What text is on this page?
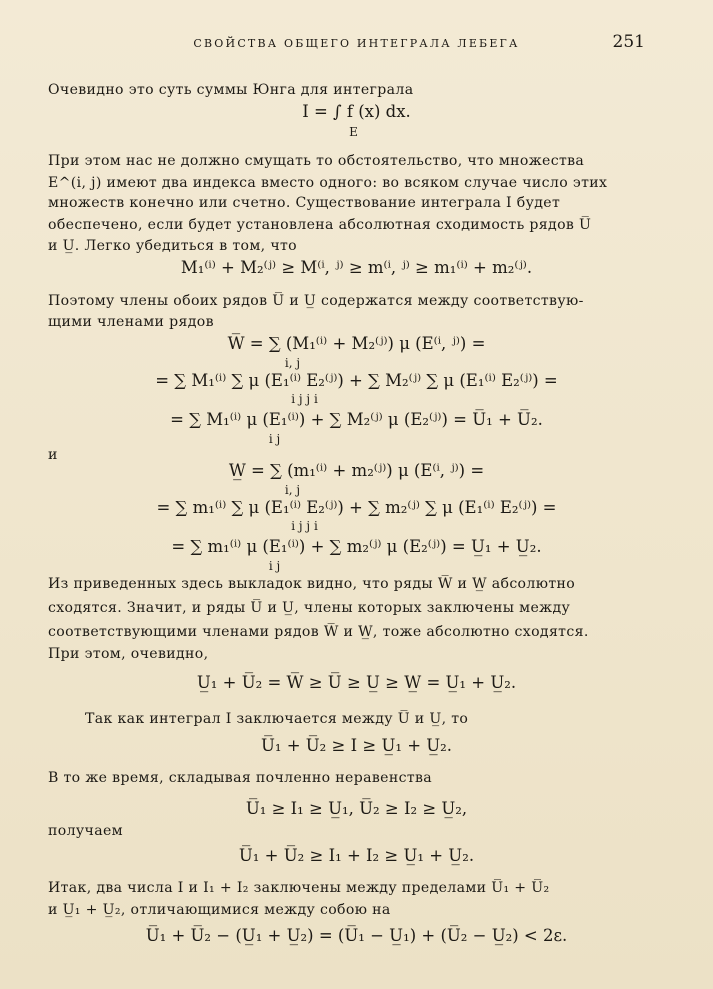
СВОЙСТВА ОБЩЕГО ИНТЕГРАЛА ЛЕБЕГА	251
Очевидно это суть суммы Юнга для интеграла
I = ∫ f (x) dx.
E
При этом нас не должно смущать то обстоятельство, что множества
E^(i, j) имеют два индекса вместо одного: во всяком случае число этих
множеств конечно или счетно. Существование интеграла I будет
обеспечено, если будет установлена абсолютная сходимость рядов U̅
и U̲. Легко убедиться в том, что
M₁⁽ⁱ⁾ + M₂⁽ʲ⁾ ≥ M⁽ⁱ, ʲ⁾ ≥ m⁽ⁱ, ʲ⁾ ≥ m₁⁽ⁱ⁾ + m₂⁽ʲ⁾.
Поэтому члены обоих рядов U̅ и U̲ содержатся между соответствую-
щими членами рядов
W̅ = ∑ (M₁⁽ⁱ⁾ + M₂⁽ʲ⁾) μ (E⁽ⁱ, ʲ⁾) =
i, j
= ∑ M₁⁽ⁱ⁾ ∑ μ (E₁⁽ⁱ⁾ E₂⁽ʲ⁾) + ∑ M₂⁽ʲ⁾ ∑ μ (E₁⁽ⁱ⁾ E₂⁽ʲ⁾) =
i j j i
= ∑ M₁⁽ⁱ⁾ μ (E₁⁽ⁱ⁾) + ∑ M₂⁽ʲ⁾ μ (E₂⁽ʲ⁾) = U̅₁ + U̅₂.
i j
и
W̲ = ∑ (m₁⁽ⁱ⁾ + m₂⁽ʲ⁾) μ (E⁽ⁱ, ʲ⁾) =
i, j
= ∑ m₁⁽ⁱ⁾ ∑ μ (E₁⁽ⁱ⁾ E₂⁽ʲ⁾) + ∑ m₂⁽ʲ⁾ ∑ μ (E₁⁽ⁱ⁾ E₂⁽ʲ⁾) =
i j j i
= ∑ m₁⁽ⁱ⁾ μ (E₁⁽ⁱ⁾) + ∑ m₂⁽ʲ⁾ μ (E₂⁽ʲ⁾) = U̲₁ + U̲₂.
i j
Из приведенных здесь выкладок видно, что ряды W̅ и W̲ абсолютно
сходятся. Значит, и ряды U̅ и U̲, члены которых заключены между
соответствующими членами рядов W̅ и W̲, тоже абсолютно сходятся.
При этом, очевидно,
U̲₁ + U̅₂ = W̅ ≥ U̅ ≥ U̲ ≥ W̲ = U̲₁ + U̲₂.
Так как интеграл I заключается между U̅ и U̲, то
U̅₁ + U̅₂ ≥ I ≥ U̲₁ + U̲₂.
В то же время, складывая почленно неравенства
U̅₁ ≥ I₁ ≥ U̲₁, U̅₂ ≥ I₂ ≥ U̲₂,
получаем
U̅₁ + U̅₂ ≥ I₁ + I₂ ≥ U̲₁ + U̲₂.
Итак, два числа I и I₁ + I₂ заключены между пределами U̅₁ + U̅₂
и U̲₁ + U̲₂, отличающимися между собою на
U̅₁ + U̅₂ − (U̲₁ + U̲₂) = (U̅₁ − U̲₁) + (U̅₂ − U̲₂) < 2ε.
